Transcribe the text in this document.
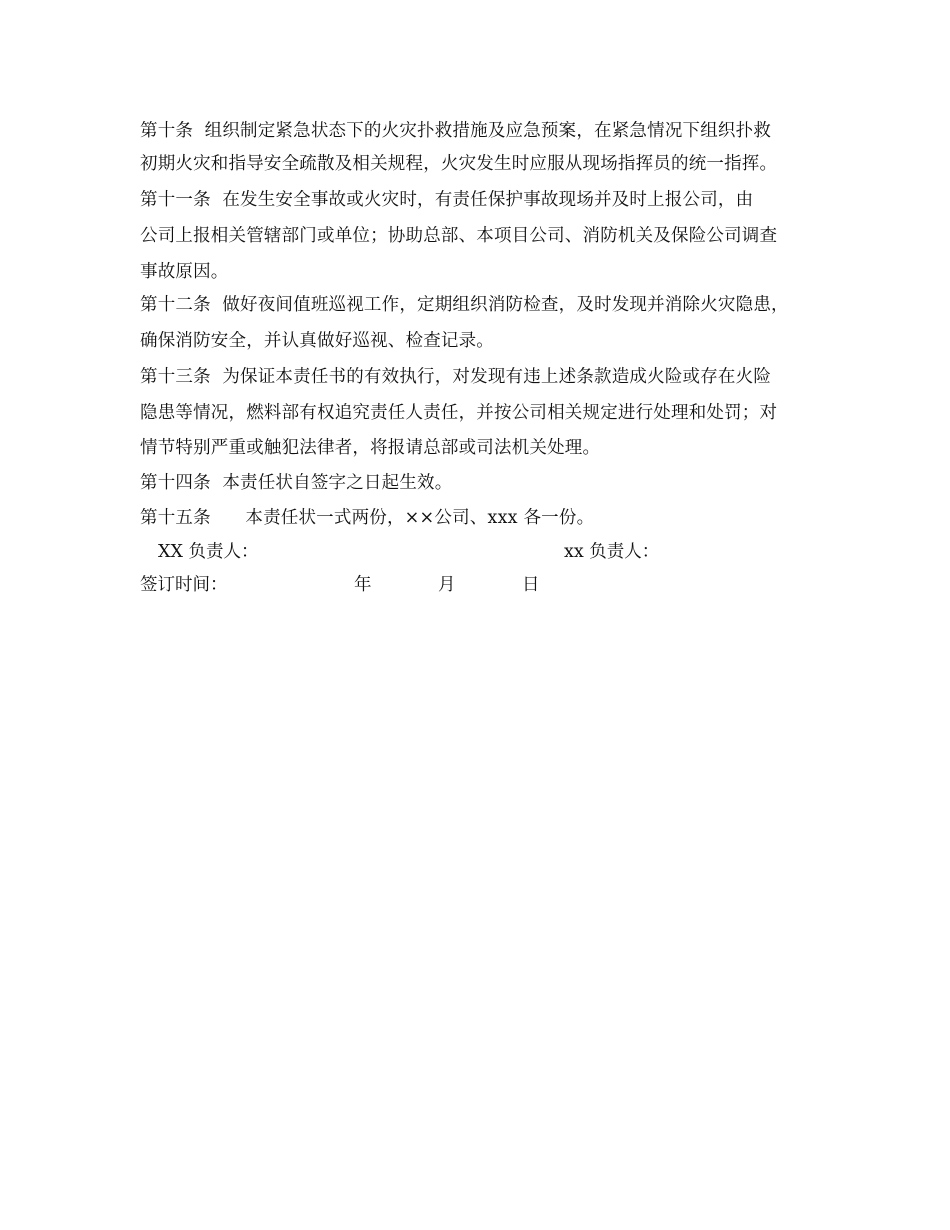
第十条  组织制定紧急状态下的火灾扑救措施及应急预案，在紧急情况下组织扑救
初期火灾和指导安全疏散及相关规程，火灾发生时应服从现场指挥员的统一指挥。
第十一条  在发生安全事故或火灾时，有责任保护事故现场并及时上报公司，由
公司上报相关管辖部门或单位；协助总部、本项目公司、消防机关及保险公司调查
事故原因。
第十二条  做好夜间值班巡视工作，定期组织消防检查，及时发现并消除火灾隐患，
确保消防安全，并认真做好巡视、检查记录。
第十三条  为保证本责任书的有效执行，对发现有违上述条款造成火险或存在火险
隐患等情况，燃料部有权追究责任人责任，并按公司相关规定进行处理和处罚；对
情节特别严重或触犯法律者，将报请总部或司法机关处理。
第十四条  本责任状自签字之日起生效。
第十五条      本责任状一式两份，××公司、xxx 各一份。
XX 负责人：	xx 负责人：
签订时间：	年	月	日
